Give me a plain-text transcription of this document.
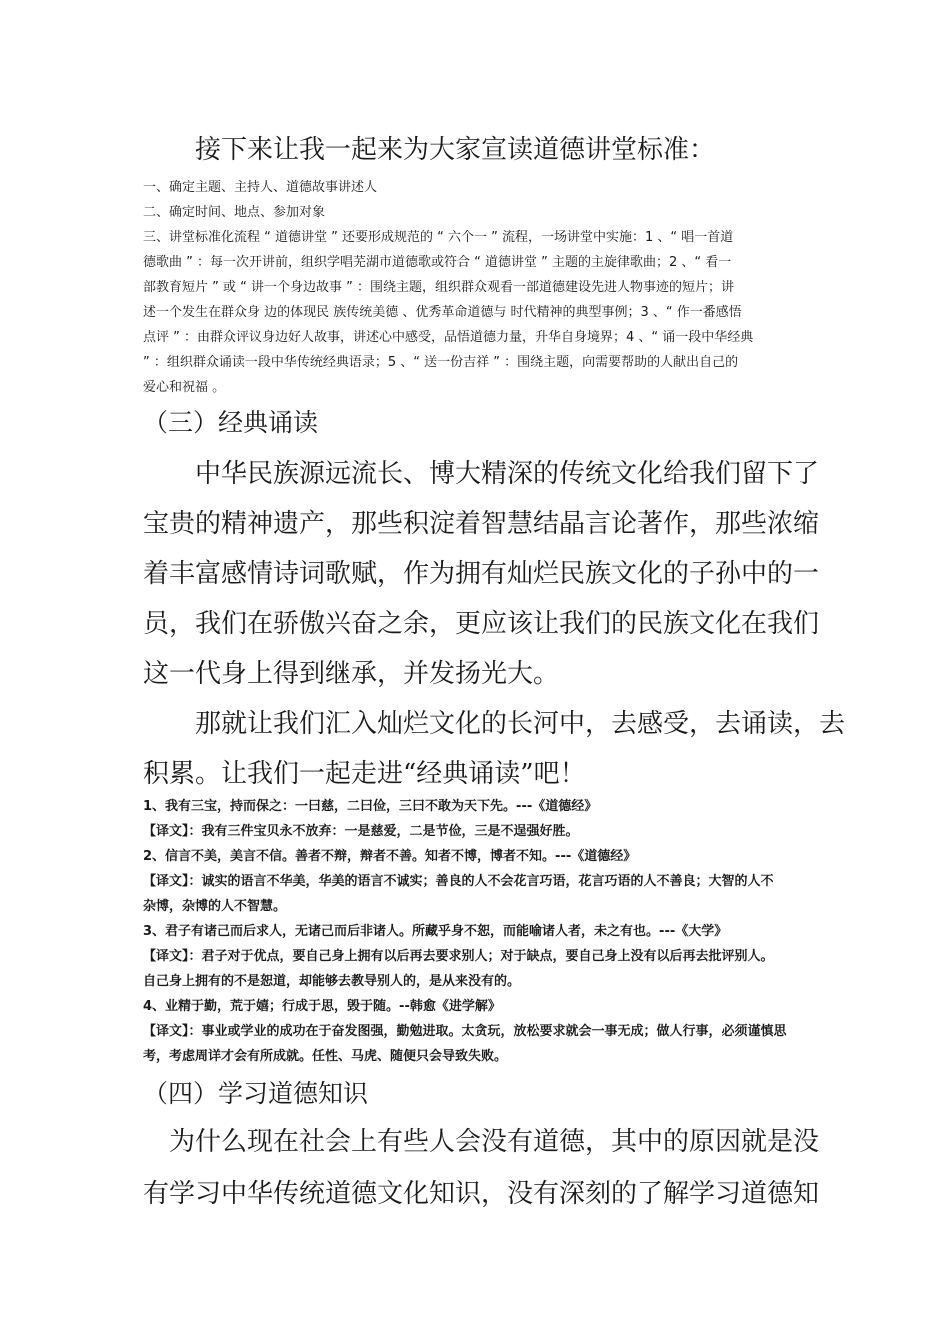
　　接下来让我一起来为大家宣读道德讲堂标准：
一、确定主题、主持人、道德故事讲述人
二、确定时间、地点、参加对象
三、讲堂标准化流程 “ 道德讲堂 ” 还要形成规范的 “ 六个一 ” 流程，一场讲堂中实施：1 、“ 唱一首道
德歌曲 ” ：每一次开讲前，组织学唱芜湖市道德歌或符合 “ 道德讲堂 ” 主题的主旋律歌曲；2 、“ 看一
部教育短片 ” 或 “ 讲一个身边故事 ” ：围绕主题，组织群众观看一部道德建设先进人物事迹的短片；讲
述一个发生在群众身 边的体现民 族传统美德 、优秀革命道德与 时代精神的典型事例；3 、“ 作一番感悟
点评 ” ：由群众评议身边好人故事，讲述心中感受，品悟道德力量，升华自身境界；4 、“ 诵一段中华经典
” ：组织群众诵读一段中华传统经典语录；5 、“ 送一份吉祥 ” ：围绕主题，向需要帮助的人献出自己的
爱心和祝福 。
（三）经典诵读
　　中华民族源远流长、博大精深的传统文化给我们留下了
宝贵的精神遗产，那些积淀着智慧结晶言论著作，那些浓缩
着丰富感情诗词歌赋，作为拥有灿烂民族文化的子孙中的一
员，我们在骄傲兴奋之余，更应该让我们的民族文化在我们
这一代身上得到继承，并发扬光大。
　　那就让我们汇入灿烂文化的长河中，去感受，去诵读，去
积累。让我们一起走进“经典诵读”吧！
1、我有三宝，持而保之：一曰慈，二曰俭，三曰不敢为天下先。---《道德经》
【译文】：我有三件宝贝永不放弃：一是慈爱，二是节俭，三是不逞强好胜。
2、信言不美，美言不信。善者不辩，辩者不善。知者不博，博者不知。---《道德经》
【译文】：诚实的语言不华美，华美的语言不诚实；善良的人不会花言巧语，花言巧语的人不善良；大智的人不
杂博，杂博的人不智慧。
3、君子有诸己而后求人，无诸己而后非诸人。所藏乎身不恕，而能喻诸人者，未之有也。---《大学》
【译文】：君子对于优点，要自己身上拥有以后再去要求别人；对于缺点，要自己身上没有以后再去批评别人。
自己身上拥有的不是恕道，却能够去教导别人的，是从来没有的。
4、业精于勤，荒于嬉；行成于思，毁于随。--韩愈《进学解》
【译文】：事业或学业的成功在于奋发图强，勤勉进取。太贪玩，放松要求就会一事无成；做人行事，必须谨慎思
考，考虑周详才会有所成就。任性、马虎、随便只会导致失败。
（四）学习道德知识
　为什么现在社会上有些人会没有道德，其中的原因就是没
有学习中华传统道德文化知识，没有深刻的了解学习道德知
